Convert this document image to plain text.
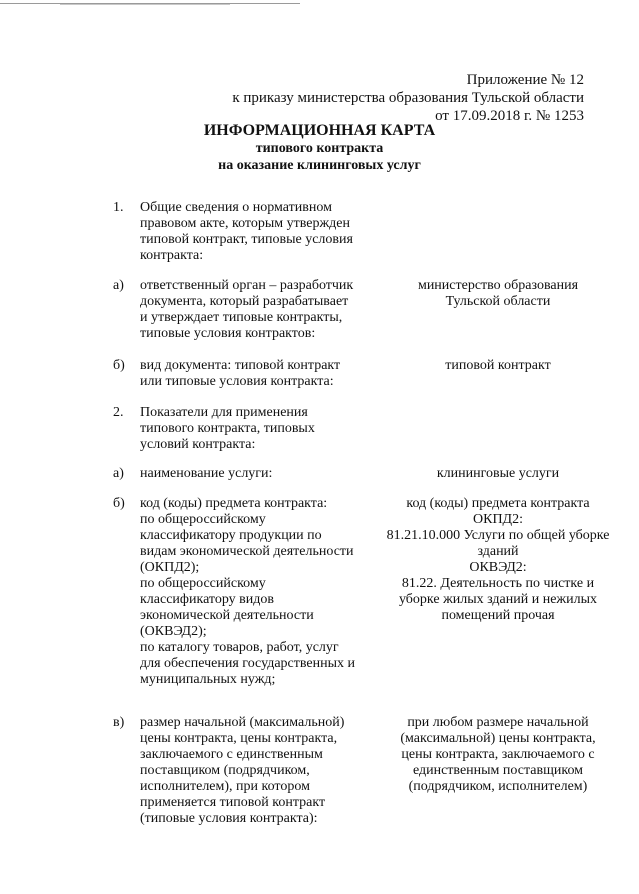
Приложение № 12
к приказу министерства образования Тульской области
от 17.09.2018 г. № 1253
ИНФОРМАЦИОННАЯ КАРТА
типового контракта
на оказание клининговых услуг
1. Общие сведения о нормативном
правовом акте, которым утвержден
типовой контракт, типовые условия
контракта:
а) ответственный орган – разработчик
документа, который разрабатывает
и утверждает типовые контракты,
типовые условия контрактов:
министерство образования
Тульской области
б) вид документа: типовой контракт
или типовые условия контракта:
типовой контракт
2. Показатели для применения
типового контракта, типовых
условий контракта:
а) наименование услуги:	клининговые услуги
б) код (коды) предмета контракта:
по общероссийскому
классификатору продукции по
видам экономической деятельности
(ОКПД2);
по общероссийскому
классификатору видов
экономической деятельности
(ОКВЭД2);
по каталогу товаров, работ, услуг
для обеспечения государственных и
муниципальных нужд;
код (коды) предмета контракта
ОКПД2:
81.21.10.000 Услуги по общей уборке
зданий
ОКВЭД2:
81.22. Деятельность по чистке и
уборке жилых зданий и нежилых
помещений прочая
в) размер начальной (максимальной)
цены контракта, цены контракта,
заключаемого с единственным
поставщиком (подрядчиком,
исполнителем), при котором
применяется типовой контракт
(типовые условия контракта):
при любом размере начальной
(максимальной) цены контракта,
цены контракта, заключаемого с
единственным поставщиком
(подрядчиком, исполнителем)
